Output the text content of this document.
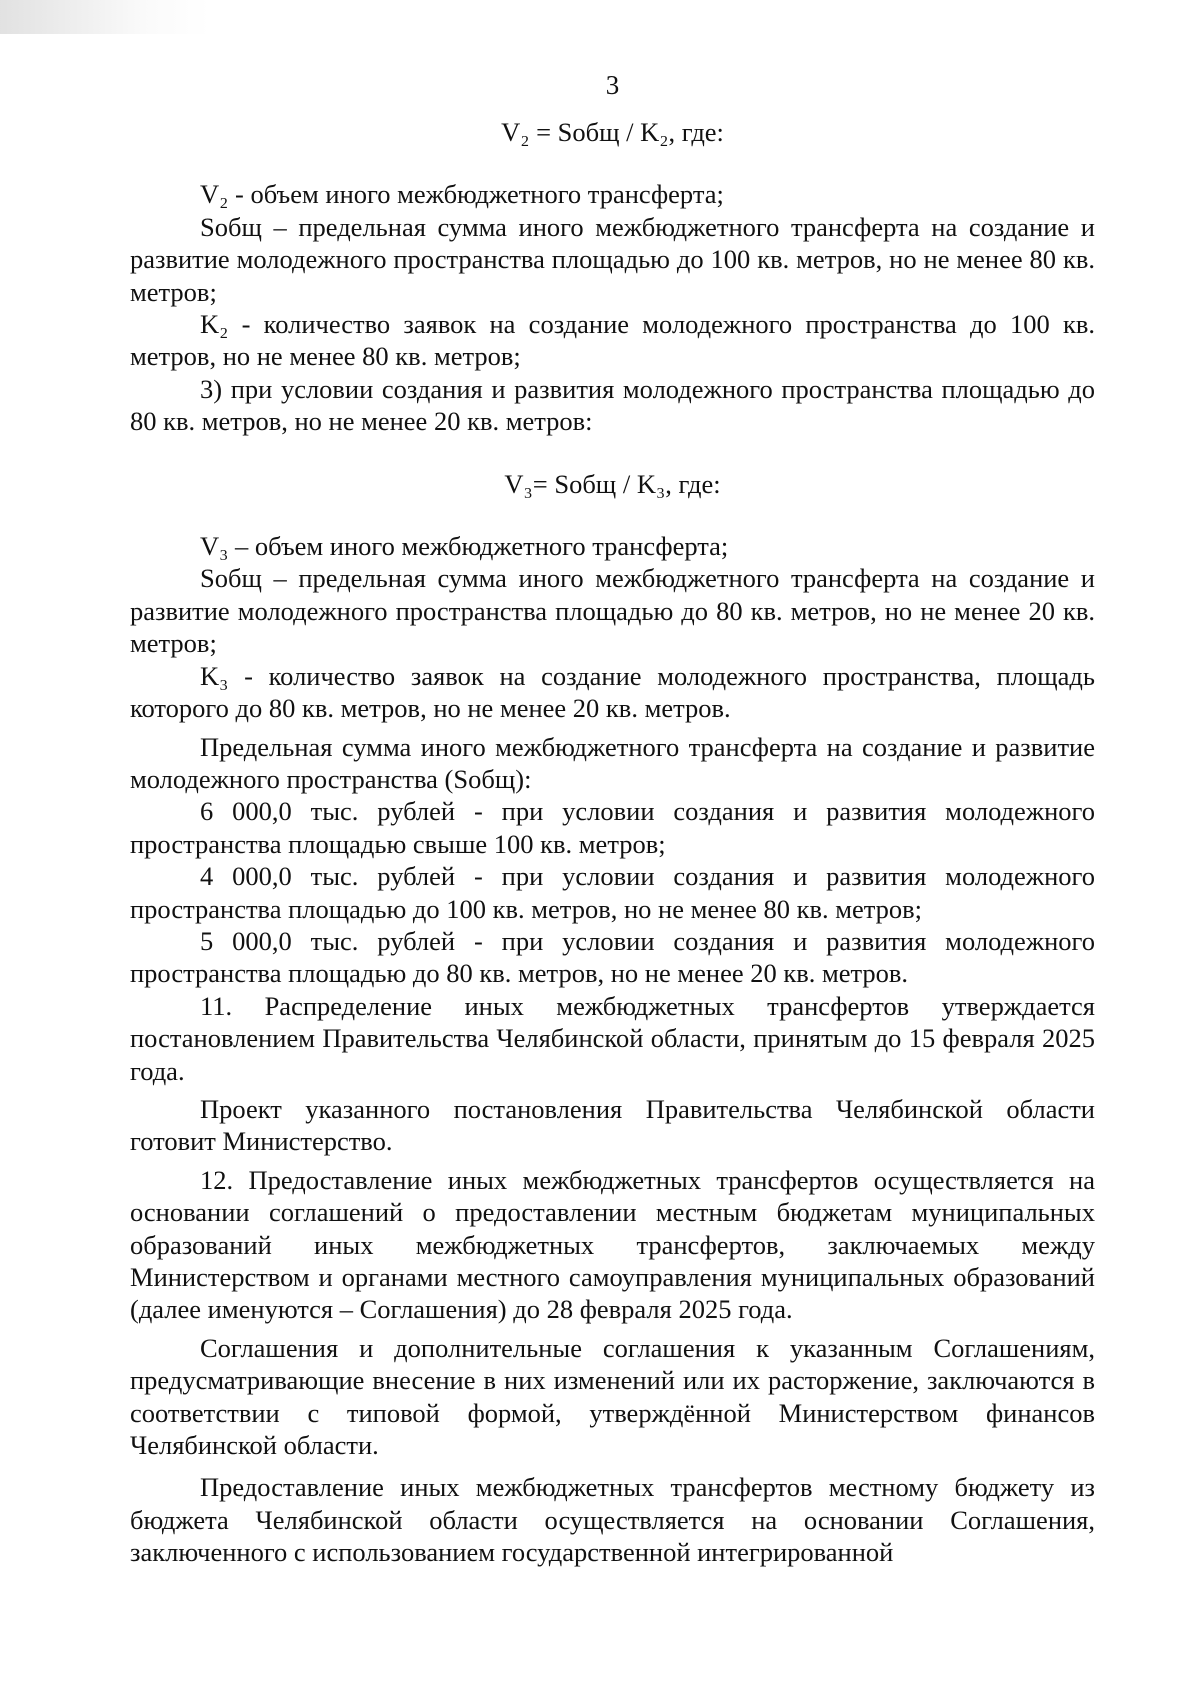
3

V₂ = Sобщ / K₂, где:

V₂ - объем иного межбюджетного трансферта;

Sобщ – предельная сумма иного межбюджетного трансферта на создание и развитие молодежного пространства площадью до 100 кв. метров, но не менее 80 кв. метров;

K₂ - количество заявок на создание молодежного пространства до 100 кв. метров, но не менее 80 кв. метров;

3) при условии создания и развития молодежного пространства площадью до 80 кв. метров, но не менее 20 кв. метров:

V₃= Sобщ / K₃, где:

V₃ – объем иного межбюджетного трансферта;

Sобщ – предельная сумма иного межбюджетного трансферта на создание и развитие молодежного пространства площадью до 80 кв. метров, но не менее 20 кв. метров;

K₃ - количество заявок на создание молодежного пространства, площадь которого до 80 кв. метров, но не менее 20 кв. метров.

Предельная сумма иного межбюджетного трансферта на создание и развитие молодежного пространства (Sобщ):

6 000,0 тыс. рублей - при условии создания и развития молодежного пространства площадью свыше 100 кв. метров;

4 000,0 тыс. рублей - при условии создания и развития молодежного пространства площадью до 100 кв. метров, но не менее 80 кв. метров;

5 000,0 тыс. рублей - при условии создания и развития молодежного пространства площадью до 80 кв. метров, но не менее 20 кв. метров.

11. Распределение иных межбюджетных трансфертов утверждается постановлением Правительства Челябинской области, принятым до 15 февраля 2025 года.

Проект указанного постановления Правительства Челябинской области готовит Министерство.

12. Предоставление иных межбюджетных трансфертов осуществляется на основании соглашений о предоставлении местным бюджетам муниципальных образований иных межбюджетных трансфертов, заключаемых между Министерством и органами местного самоуправления муниципальных образований (далее именуются – Соглашения) до 28 февраля 2025 года.

Соглашения и дополнительные соглашения к указанным Соглашениям, предусматривающие внесение в них изменений или их расторжение, заключаются в соответствии с типовой формой, утверждённой Министерством финансов Челябинской области.

Предоставление иных межбюджетных трансфертов местному бюджету из бюджета Челябинской области осуществляется на основании Соглашения, заключенного с использованием государственной интегрированной
